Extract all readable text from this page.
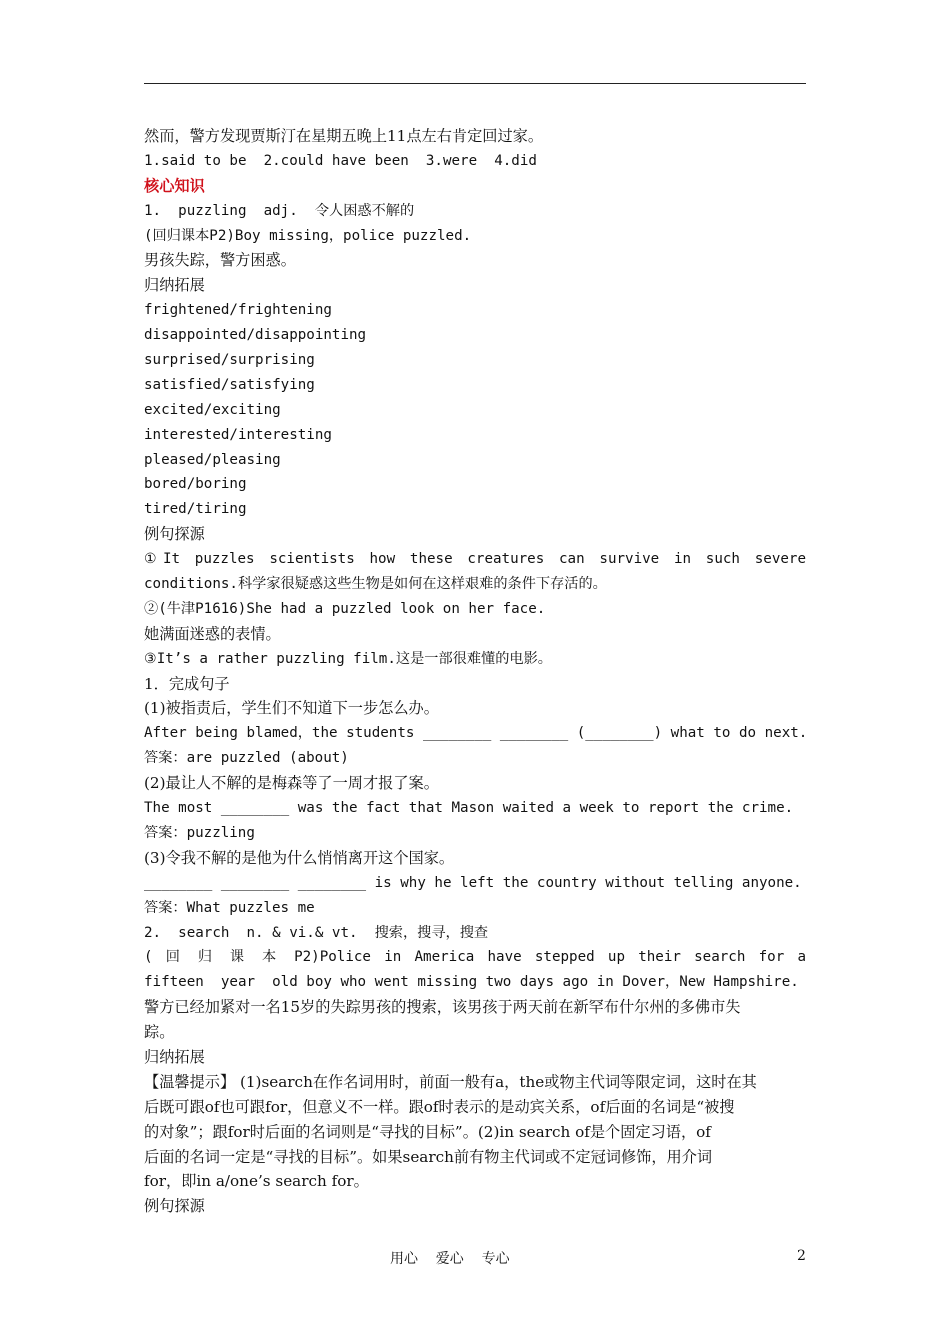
然而，警方发现贾斯汀在星期五晚上11点左右肯定回过家。
1.said to be  2.could have been  3.were  4.did
核心知识
1.  puzzling  adj.  令人困惑不解的
(回归课本P2)Boy missing，police puzzled.
男孩失踪，警方困惑。
归纳拓展
frightened/frightening
disappointed/disappointing
surprised/surprising
satisfied/satisfying
excited/exciting
interested/interesting
pleased/pleasing
bored/boring
tired/tiring
例句探源
①It puzzles scientists how these creatures can survive in such severe
conditions.科学家很疑惑这些生物是如何在这样艰难的条件下存活的。
②(牛津P1616)She had a puzzled look on her face.
她满面迷惑的表情。
③It’s a rather puzzling film.这是一部很难懂的电影。
1．完成句子
(1)被指责后，学生们不知道下一步怎么办。
After being blamed，the students ________ ________ (________) what to do next.
答案：are puzzled (about)
(2)最让人不解的是梅森等了一周才报了案。
The most ________ was the fact that Mason waited a week to report the crime.
答案：puzzling
(3)令我不解的是他为什么悄悄离开这个国家。
________ ________ ________ is why he left the country without telling anyone.
答案：What puzzles me
2.  search  n. & vi.& vt.  搜索，搜寻，搜查
( 回 归 课 本 P2)Police in America have stepped up their search for a
fifteen  year  old boy who went missing two days ago in Dover，New Hampshire.
警方已经加紧对一名15岁的失踪男孩的搜索，该男孩于两天前在新罕布什尔州的多佛市失
踪。
归纳拓展
【温馨提示】 (1)search在作名词用时，前面一般有a，the或物主代词等限定词，这时在其
后既可跟of也可跟for，但意义不一样。跟of时表示的是动宾关系，of后面的名词是“被搜
的对象”；跟for时后面的名词则是“寻找的目标”。(2)in search of是个固定习语，of
后面的名词一定是“寻找的目标”。如果search前有物主代词或不定冠词修饰，用介词
for，即in a/one’s search for。
例句探源
用心    爱心    专心	2
